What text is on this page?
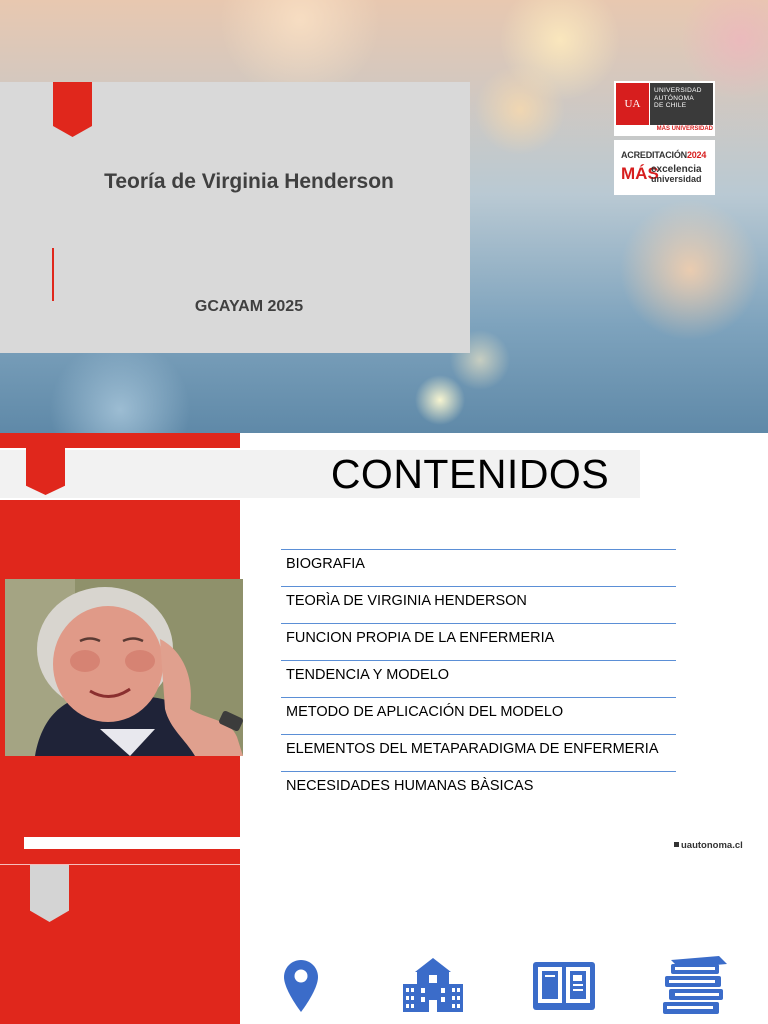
Teoría de Virginia Henderson
GCAYAM 2025
UA
UNIVERSIDAD
AUTÓNOMA
DE CHILE
MÁS UNIVERSIDAD
ACREDITACIÓN2024
MÁS
excelencia
universidad
CONTENIDOS
BIOGRAFIA
TEORÌA DE VIRGINIA HENDERSON
FUNCION PROPIA DE LA ENFERMERIA
TENDENCIA Y MODELO
METODO DE APLICACIÓN DEL MODELO
ELEMENTOS DEL METAPARADIGMA DE ENFERMERIA
NECESIDADES HUMANAS BÀSICAS
uautonoma.cl
